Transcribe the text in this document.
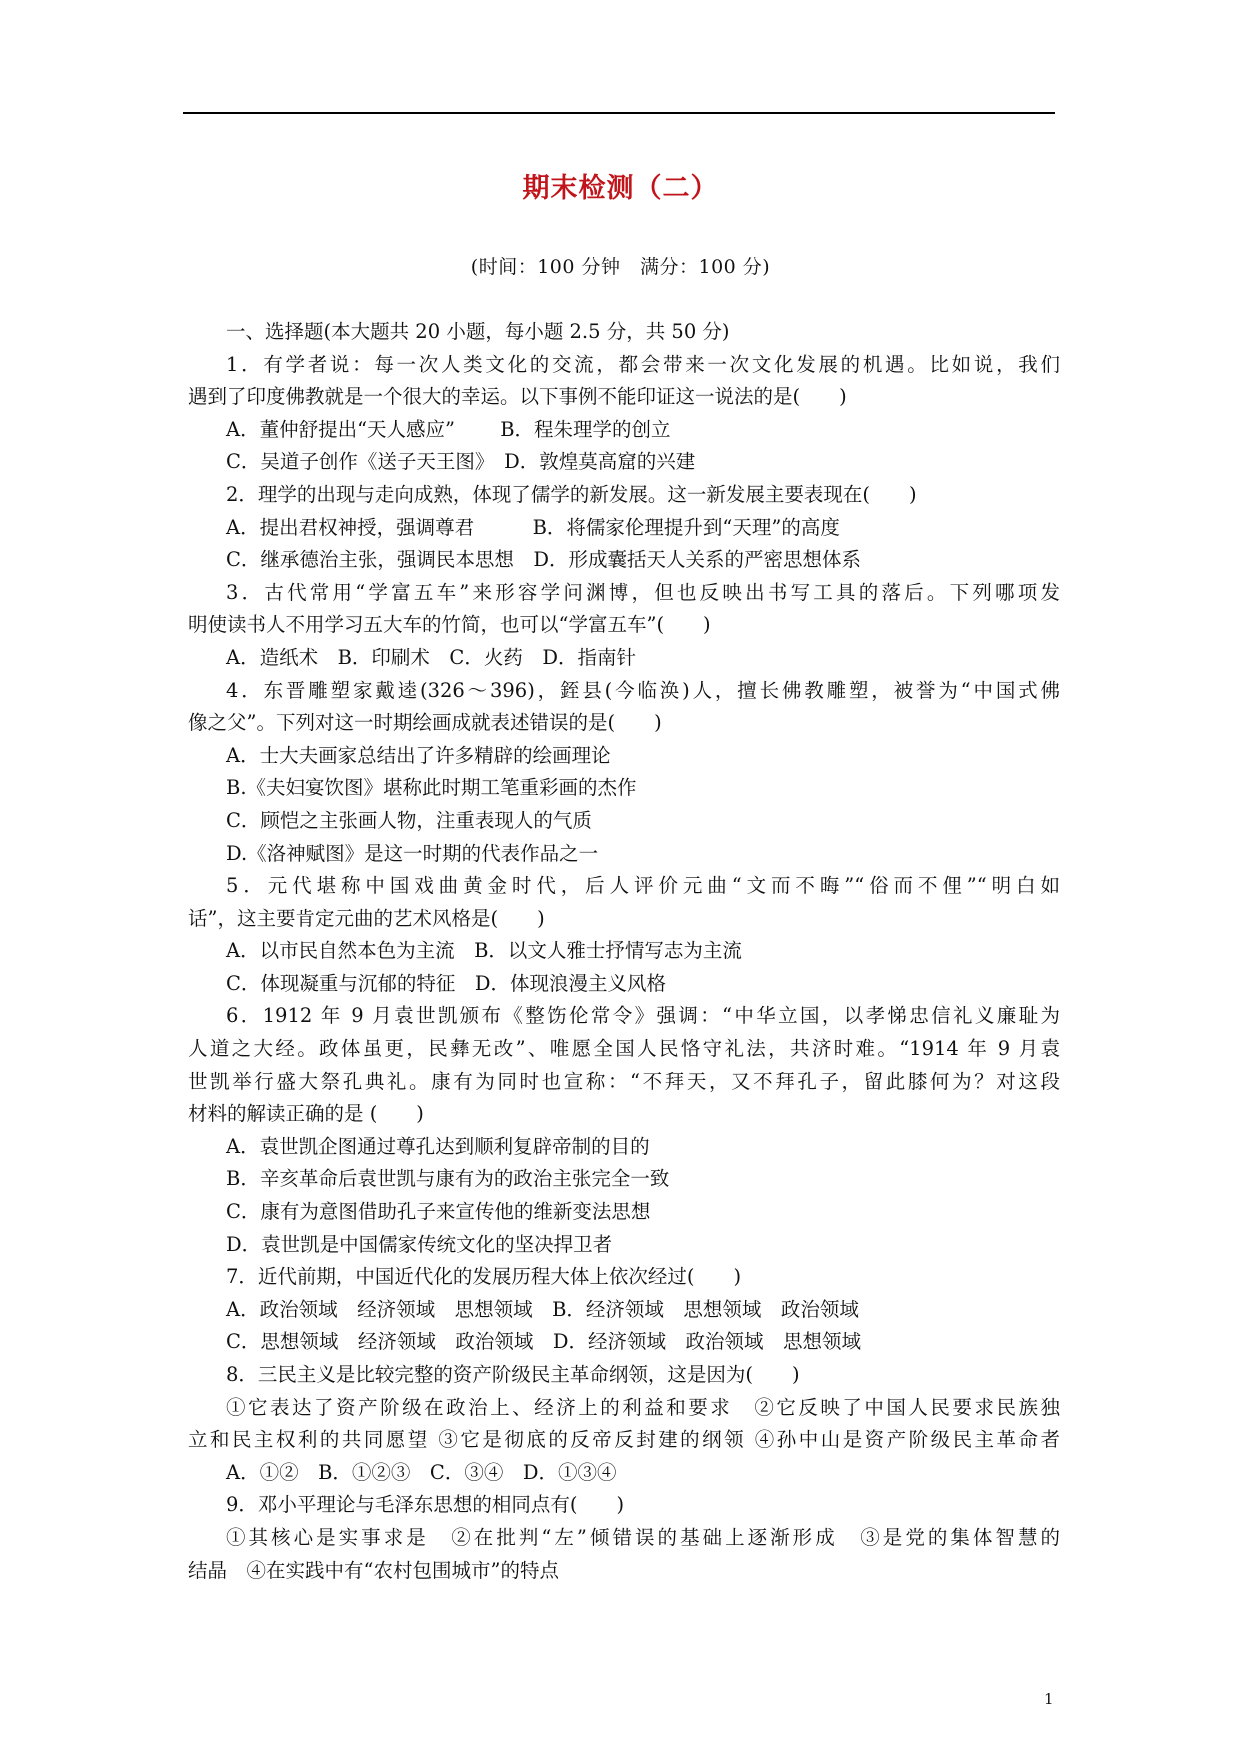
期末检测（二）
(时间：100 分钟　满分：100 分)
一、选择题(本大题共 20 小题，每小题 2.5 分，共 50 分)
1．有学者说：每一次人类文化的交流，都会带来一次文化发展的机遇。比如说，我们
遇到了印度佛教就是一个很大的幸运。以下事例不能印证这一说法的是(　　)
A．董仲舒提出“天人感应”　　 B．程朱理学的创立
C．吴道子创作《送子天王图》　D．敦煌莫高窟的兴建
2．理学的出现与走向成熟，体现了儒学的新发展。这一新发展主要表现在(　　)
A．提出君权神授，强调尊君　　　B．将儒家伦理提升到“天理”的高度
C．继承德治主张，强调民本思想　D．形成囊括天人关系的严密思想体系
3．古代常用“学富五车”来形容学问渊博，但也反映出书写工具的落后。下列哪项发
明使读书人不用学习五大车的竹简，也可以“学富五车”(　　)
A．造纸术　B．印刷术　C．火药　D．指南针
4．东晋雕塑家戴逵(326～396)，銍县(今临涣)人，擅长佛教雕塑，被誉为“中国式佛
像之父”。下列对这一时期绘画成就表述错误的是(　　)
A．士大夫画家总结出了许多精辟的绘画理论
B.《夫妇宴饮图》堪称此时期工笔重彩画的杰作
C．顾恺之主张画人物，注重表现人的气质
D.《洛神赋图》是这一时期的代表作品之一
5．元代堪称中国戏曲黄金时代，后人评价元曲“文而不晦”“俗而不俚”“明白如
话”，这主要肯定元曲的艺术风格是(　　)
A．以市民自然本色为主流　B．以文人雅士抒情写志为主流
C．体现凝重与沉郁的特征　D．体现浪漫主义风格
6．1912 年 9 月袁世凯颁布《整饬伦常令》强调：“中华立国，以孝悌忠信礼义廉耻为
人道之大经。政体虽更，民彝无改”、唯愿全国人民恪守礼法，共济时难。“1914 年 9 月袁
世凯举行盛大祭孔典礼。康有为同时也宣称：“不拜天，又不拜孔子，留此膝何为？对这段
材料的解读正确的是 (　　)
A．袁世凯企图通过尊孔达到顺利复辟帝制的目的
B．辛亥革命后袁世凯与康有为的政治主张完全一致
C．康有为意图借助孔子来宣传他的维新变法思想
D．袁世凯是中国儒家传统文化的坚决捍卫者
7．近代前期，中国近代化的发展历程大体上依次经过(　　)
A．政治领域　经济领域　思想领域　B．经济领域　思想领域　政治领域
C．思想领域　经济领域　政治领域　D．经济领域　政治领域　思想领域
8．三民主义是比较完整的资产阶级民主革命纲领，这是因为(　　)
①它表达了资产阶级在政治上、经济上的利益和要求　②它反映了中国人民要求民族独
立和民主权利的共同愿望 ③它是彻底的反帝反封建的纲领 ④孙中山是资产阶级民主革命者
A．①②　B．①②③　C．③④　D．①③④
9．邓小平理论与毛泽东思想的相同点有(　　)
①其核心是实事求是　②在批判“左”倾错误的基础上逐渐形成　③是党的集体智慧的
结晶　④在实践中有“农村包围城市”的特点
1
